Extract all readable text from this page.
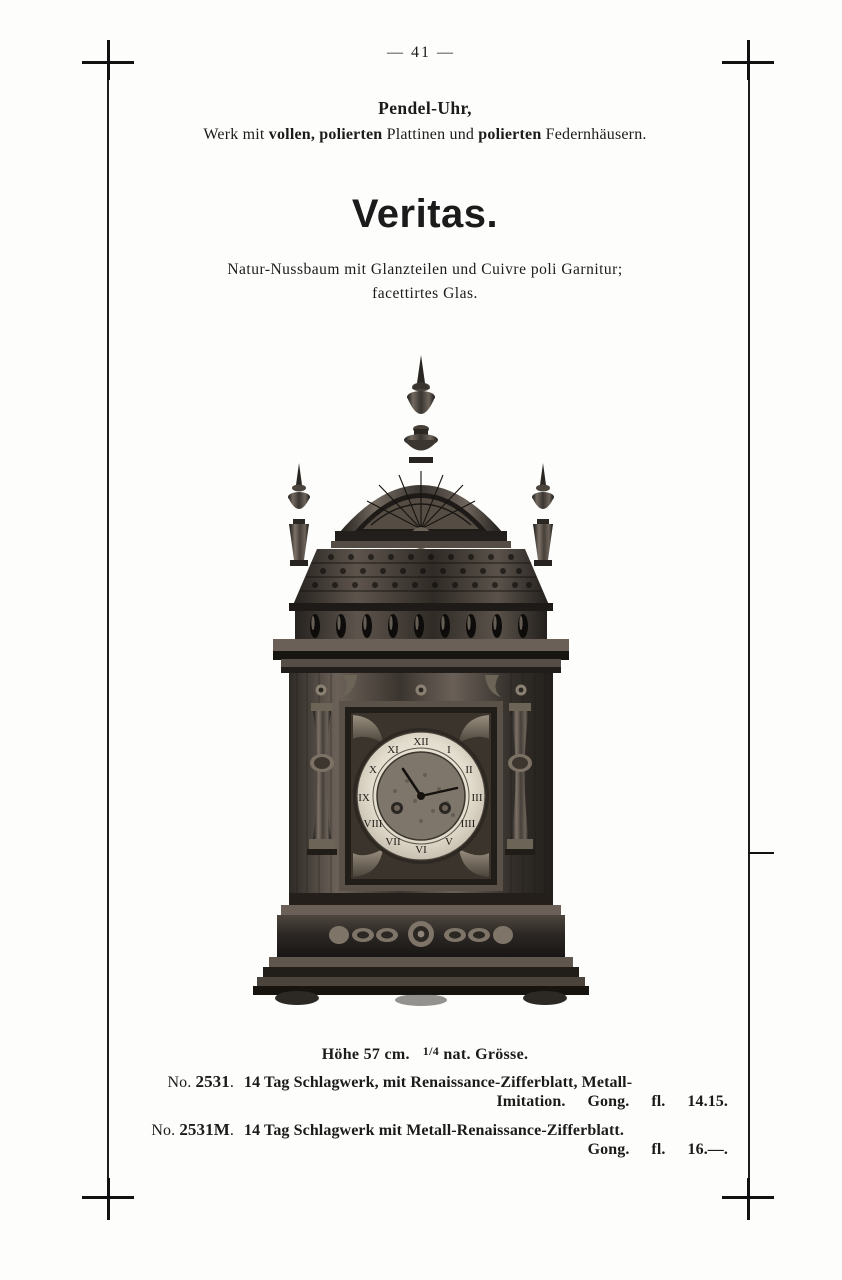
— 41 —
Pendel-Uhr,
Werk mit vollen, polierten Plattinen und polierten Federnhäusern.
Veritas.
Natur-Nussbaum mit Glanzteilen und Cuivre poli Garnitur;
facettirtes Glas.
XII
I
II
III
IIII
V
VI
VII
VIII
IX
X
XI
Höhe 57 cm. $^{1/4}$ nat. Grösse.
No. 2531. 14 Tag Schlagwerk, mit Renaissance-Zifferblatt, Metall-
Imitation. Gong. fl. 14.15.
No. 2531M. 14 Tag Schlagwerk mit Metall-Renaissance-Zifferblatt.
Gong. fl. 16.—.
